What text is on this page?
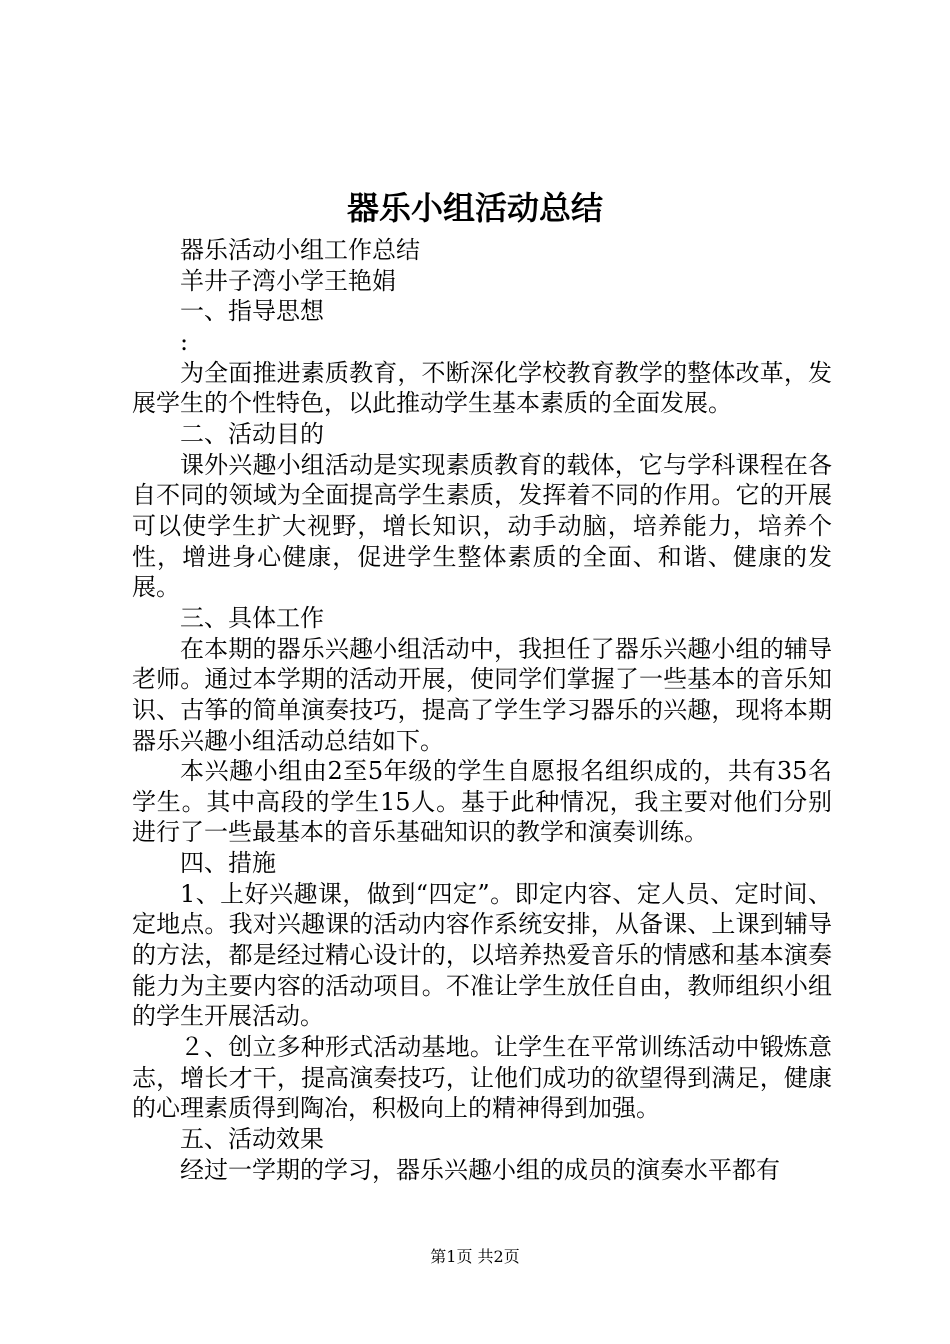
器乐小组活动总结

器乐活动小组工作总结

羊井子湾小学王艳娟

一、指导思想

:

为全面推进素质教育，不断深化学校教育教学的整体改革，发展学生的个性特色，以此推动学生基本素质的全面发展。

二、活动目的

课外兴趣小组活动是实现素质教育的载体，它与学科课程在各自不同的领域为全面提高学生素质，发挥着不同的作用。它的开展可以使学生扩大视野，增长知识，动手动脑，培养能力，培养个性，增进身心健康，促进学生整体素质的全面、和谐、健康的发展。

三、具体工作

在本期的器乐兴趣小组活动中，我担任了器乐兴趣小组的辅导老师。通过本学期的活动开展，使同学们掌握了一些基本的音乐知识、古筝的简单演奏技巧，提高了学生学习器乐的兴趣，现将本期器乐兴趣小组活动总结如下。

本兴趣小组由2至5年级的学生自愿报名组织成的，共有35名学生。其中高段的学生15人。基于此种情况，我主要对他们分别进行了一些最基本的音乐基础知识的教学和演奏训练。

四、措施

1、上好兴趣课，做到“四定”。即定内容、定人员、定时间、定地点。我对兴趣课的活动内容作系统安排，从备课、上课到辅导的方法，都是经过精心设计的，以培养热爱音乐的情感和基本演奏能力为主要内容的活动项目。不准让学生放任自由，教师组织小组的学生开展活动。

２、创立多种形式活动基地。让学生在平常训练活动中锻炼意志，增长才干，提高演奏技巧，让他们成功的欲望得到满足，健康的心理素质得到陶冶，积极向上的精神得到加强。

五、活动效果

经过一学期的学习，器乐兴趣小组的成员的演奏水平都有

第1页 共2页
